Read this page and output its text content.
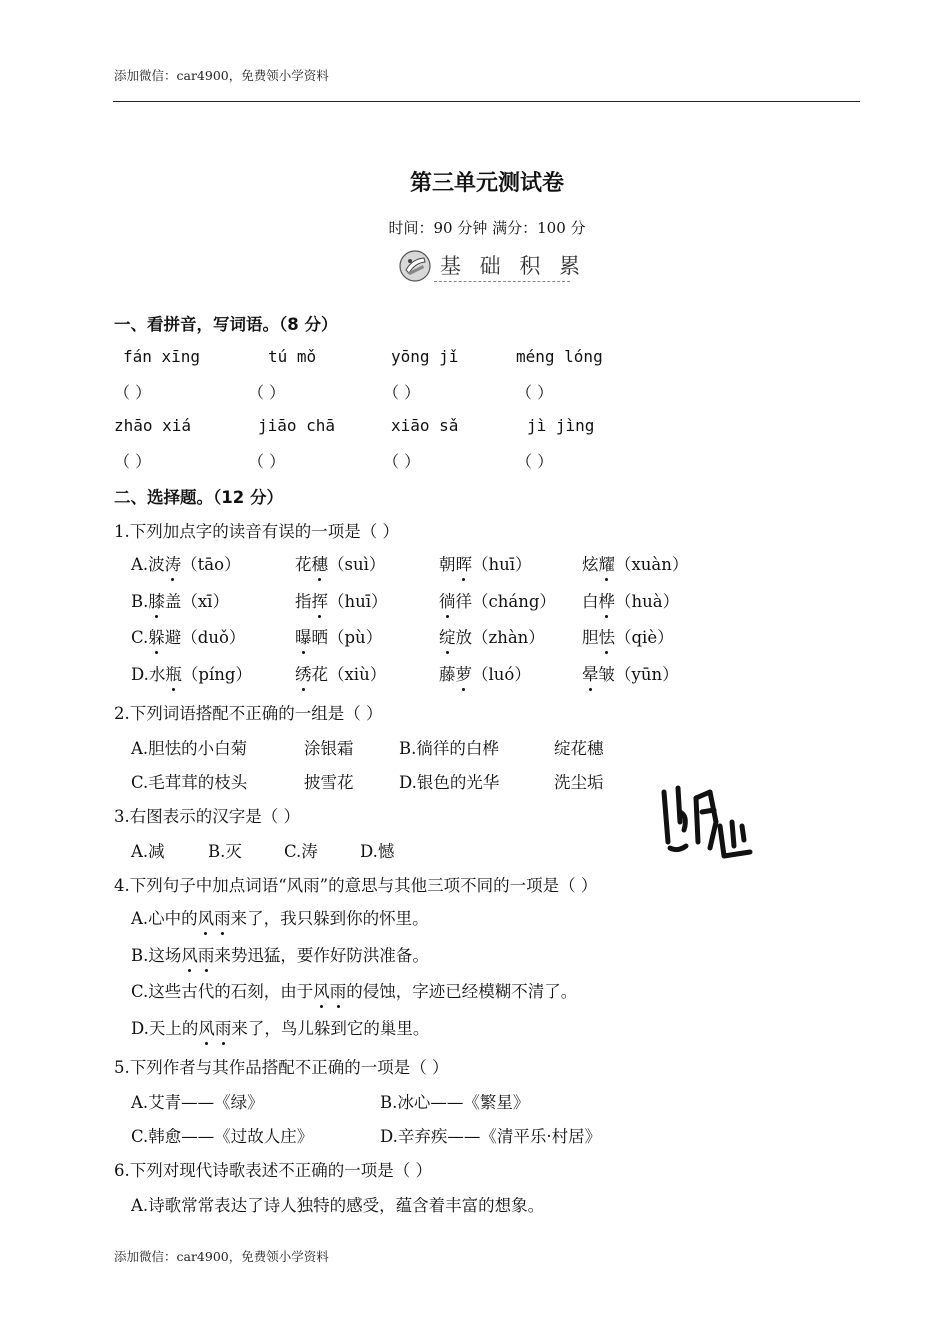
添加微信：car4900，免费领小学资料
第三单元测试卷
时间：90 分钟 满分：100 分
基 础 积 累
一、看拼音，写词语。（8 分）
fán xīng	tú mǒ	yōng jǐ	méng lóng
（ ）	（ ）	（ ）	（ ）
zhāo xiá	jiāo chā	xiāo sǎ	jì jìng
（ ）	（ ）	（ ）	（ ）
二、选择题。（12 分）
1.下列加点字的读音有误的一项是（ ）
A.波涛（tāo）	花穗（suì）	朝晖（huī）	炫耀（xuàn）
B.膝盖（xī）	指挥（huī）	徜徉（cháng） 白桦（huà）
C.躲避（duǒ）	曝晒（pù）	绽放（zhàn） 胆怯（qiè）
D.水瓶（píng）	绣花（xiù）	藤萝（luó）	晕皱（yūn）
2.下列词语搭配不正确的一组是（ ）
A.胆怯的小白菊	涂银霜	B.徜徉的白桦	绽花穗
C.毛茸茸的枝头	披雪花	D.银色的光华	洗尘垢
3.右图表示的汉字是（ ）
A.减	B.灭	C.涛	D.憾
4.下列句子中加点词语“风雨”的意思与其他三项不同的一项是（ ）
A.心中的风雨来了，我只躲到你的怀里。
B.这场风雨来势迅猛，要作好防洪准备。
C.这些古代的石刻，由于风雨的侵蚀，字迹已经模糊不清了。
D.天上的风雨来了，鸟儿躲到它的巢里。
5.下列作者与其作品搭配不正确的一项是（ ）
A.艾青——《绿》	B.冰心——《繁星》
C.韩愈——《过故人庄》	D.辛弃疾——《清平乐·村居》
6.下列对现代诗歌表述不正确的一项是（ ）
A.诗歌常常表达了诗人独特的感受，蕴含着丰富的想象。
添加微信：car4900，免费领小学资料
